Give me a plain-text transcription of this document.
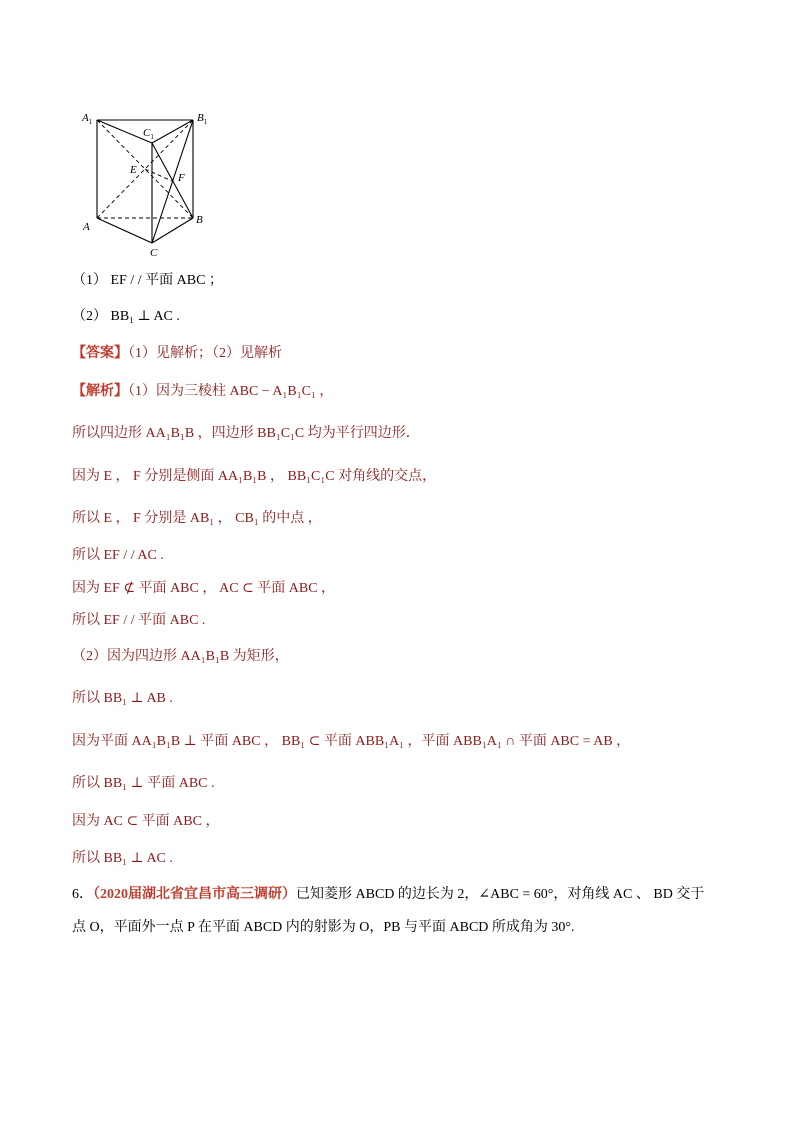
$A_1$	$B_1$
$C_1$
E
F
A
B
C
（1） EF / / 平面 ABC ；
（2） BB₁ ⊥ AC .
【答案】（1）见解析；（2）见解析
【解析】（1）因为三棱柱 ABC − A₁B₁C₁ ，
所以四边形 AA₁B₁B ，四边形 BB₁C₁C 均为平行四边形．
因为 E ， F 分别是侧面 AA₁B₁B ， BB₁C₁C 对角线的交点，
所以 E ， F 分别是 AB₁ ， CB₁ 的中点 ，
所以 EF / / AC .
因为 EF ⊄ 平面 ABC ， AC ⊂ 平面 ABC ，
所以 EF / / 平面 ABC .
（2）因为四边形 AA₁B₁B 为矩形，
所以 BB₁ ⊥ AB .
因为平面 AA₁B₁B ⊥ 平面 ABC ， BB₁ ⊂ 平面 ABB₁A₁ ，平面 ABB₁A₁ ∩ 平面 ABC = AB ，
所以 BB₁ ⊥ 平面 ABC .
因为 AC ⊂ 平面 ABC ，
所以 BB₁ ⊥ AC .
6．（2020届湖北省宜昌市高三调研）已知菱形 ABCD 的边长为 2，∠ABC = 60°，对角线 AC 、 BD 交于
点 O，平面外一点 P 在平面 ABCD 内的射影为 O，PB 与平面 ABCD 所成角为 30°.
